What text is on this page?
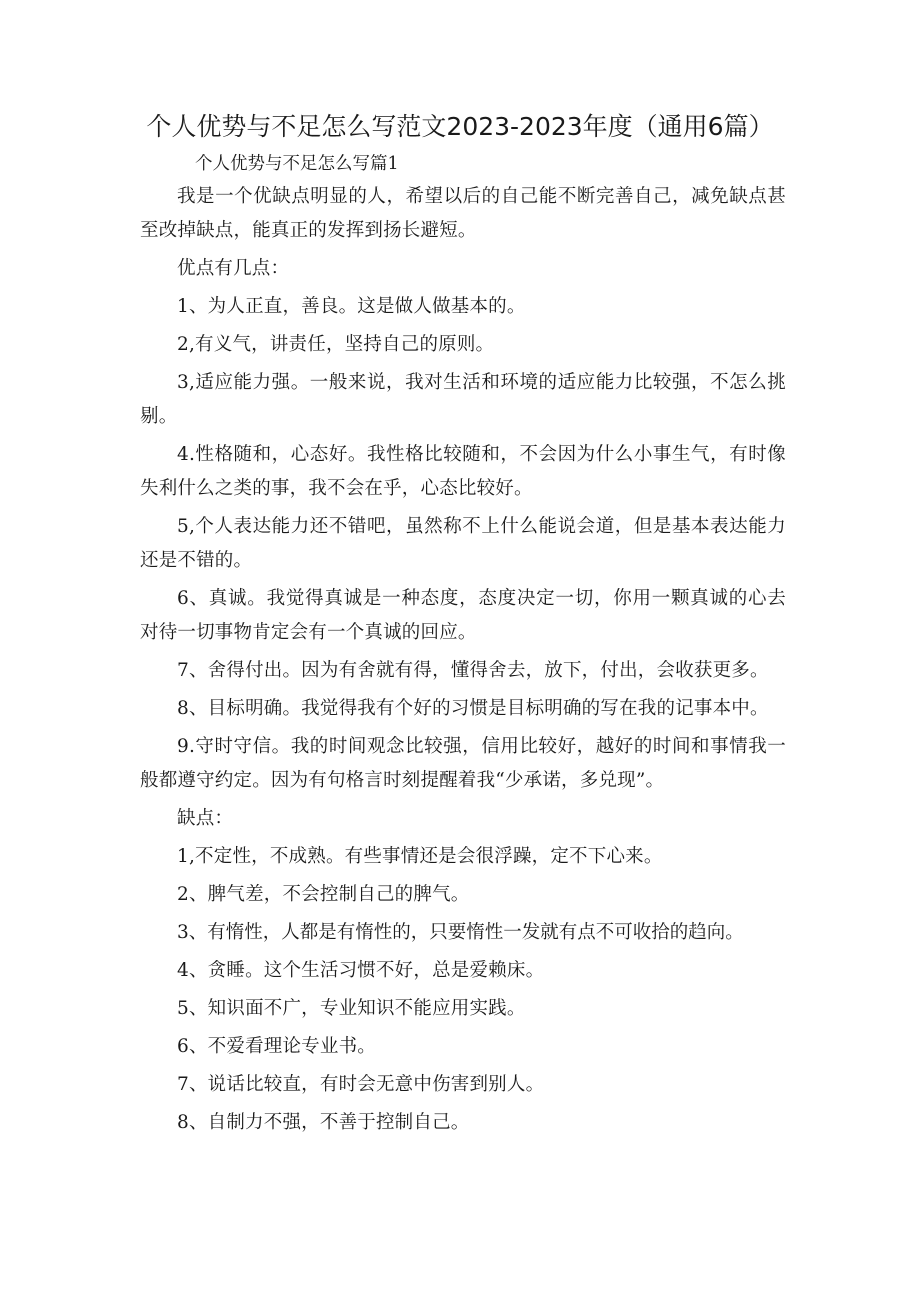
个人优势与不足怎么写范文2023-2023年度（通用6篇）

个人优势与不足怎么写篇1

我是一个优缺点明显的人，希望以后的自己能不断完善自己，减免缺点甚至改掉缺点，能真正的发挥到扬长避短。

优点有几点：

1、为人正直，善良。这是做人做基本的。

2,有义气，讲责任，坚持自己的原则。

3,适应能力强。一般来说，我对生活和环境的适应能力比较强，不怎么挑剔。

4.性格随和，心态好。我性格比较随和，不会因为什么小事生气，有时像失利什么之类的事，我不会在乎，心态比较好。

5,个人表达能力还不错吧，虽然称不上什么能说会道，但是基本表达能力还是不错的。

6、真诚。我觉得真诚是一种态度，态度决定一切，你用一颗真诚的心去对待一切事物肯定会有一个真诚的回应。

7、舍得付出。因为有舍就有得，懂得舍去，放下，付出，会收获更多。

8、目标明确。我觉得我有个好的习惯是目标明确的写在我的记事本中。

9.守时守信。我的时间观念比较强，信用比较好，越好的时间和事情我一般都遵守约定。因为有句格言时刻提醒着我“少承诺，多兑现”。

缺点：

1,不定性，不成熟。有些事情还是会很浮躁，定不下心来。

2、脾气差，不会控制自己的脾气。

3、有惰性，人都是有惰性的，只要惰性一发就有点不可收拾的趋向。

4、贪睡。这个生活习惯不好，总是爱赖床。

5、知识面不广，专业知识不能应用实践。

6、不爱看理论专业书。

7、说话比较直，有时会无意中伤害到别人。

8、自制力不强，不善于控制自己。
